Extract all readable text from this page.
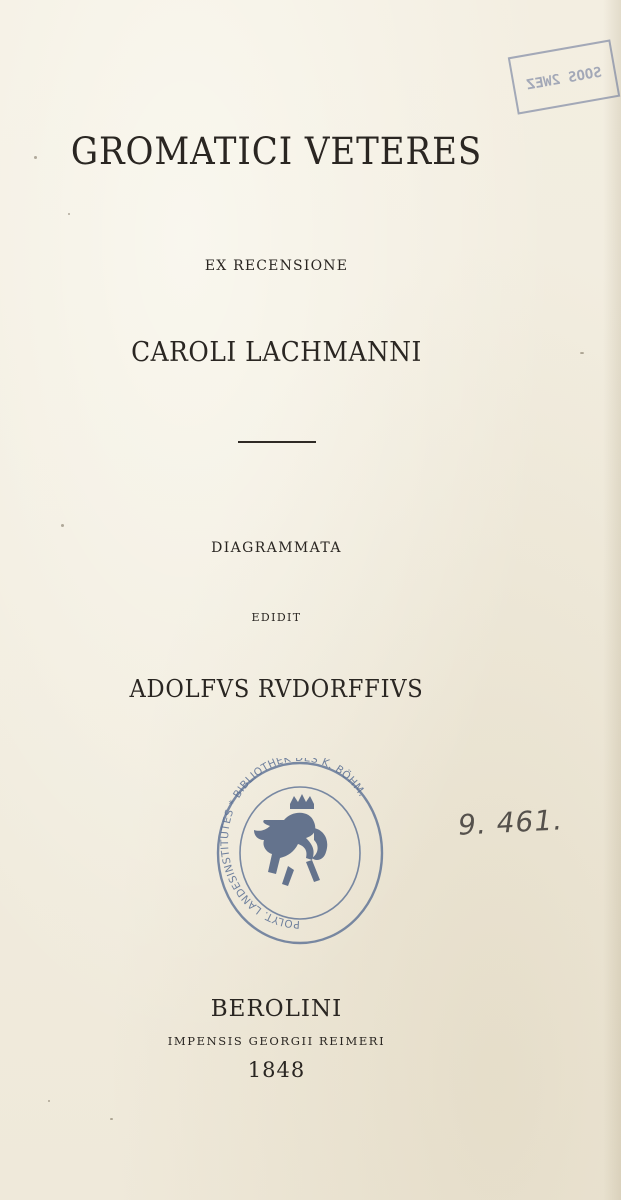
SOOS 2WEZ
GROMATICI VETERES
EX RECENSIONE
CAROLI LACHMANNI
DIAGRAMMATA
EDIDIT
ADOLFVS RVDORFFIVS
POLYT. LANDESINSTITUTES * BIBLIOTHEK DES K. BÖHM.
9. 461.
BEROLINI
IMPENSIS GEORGII REIMERI
1848
